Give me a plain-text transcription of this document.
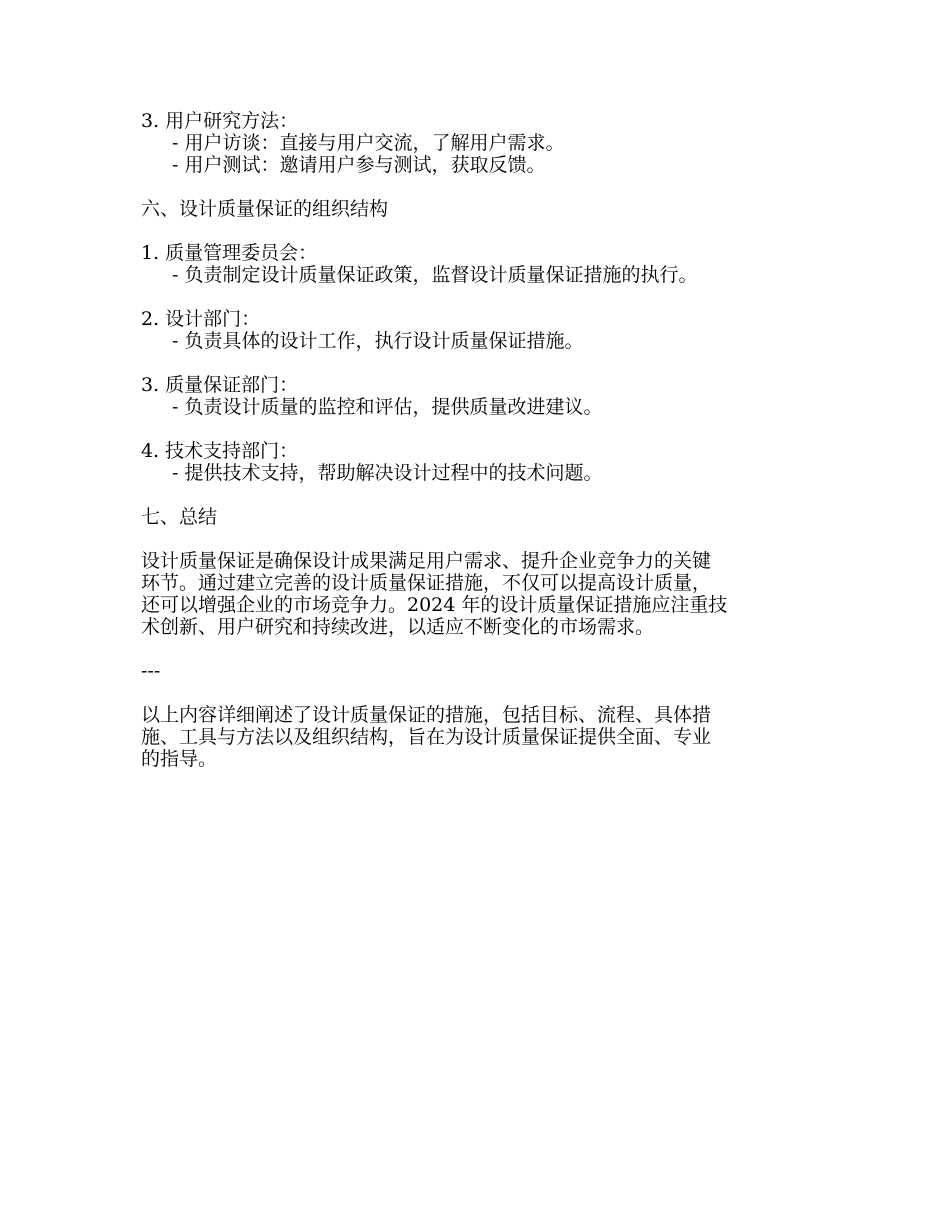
3. 用户研究方法：
- 用户访谈：直接与用户交流，了解用户需求。
- 用户测试：邀请用户参与测试，获取反馈。
六、设计质量保证的组织结构
1. 质量管理委员会：
- 负责制定设计质量保证政策，监督设计质量保证措施的执行。
2. 设计部门：
- 负责具体的设计工作，执行设计质量保证措施。
3. 质量保证部门：
- 负责设计质量的监控和评估，提供质量改进建议。
4. 技术支持部门：
- 提供技术支持，帮助解决设计过程中的技术问题。
七、总结
设计质量保证是确保设计成果满足用户需求、提升企业竞争力的关键
环节。通过建立完善的设计质量保证措施，不仅可以提高设计质量，
还可以增强企业的市场竞争力。2024 年的设计质量保证措施应注重技
术创新、用户研究和持续改进，以适应不断变化的市场需求。
---
以上内容详细阐述了设计质量保证的措施，包括目标、流程、具体措
施、工具与方法以及组织结构，旨在为设计质量保证提供全面、专业
的指导。
